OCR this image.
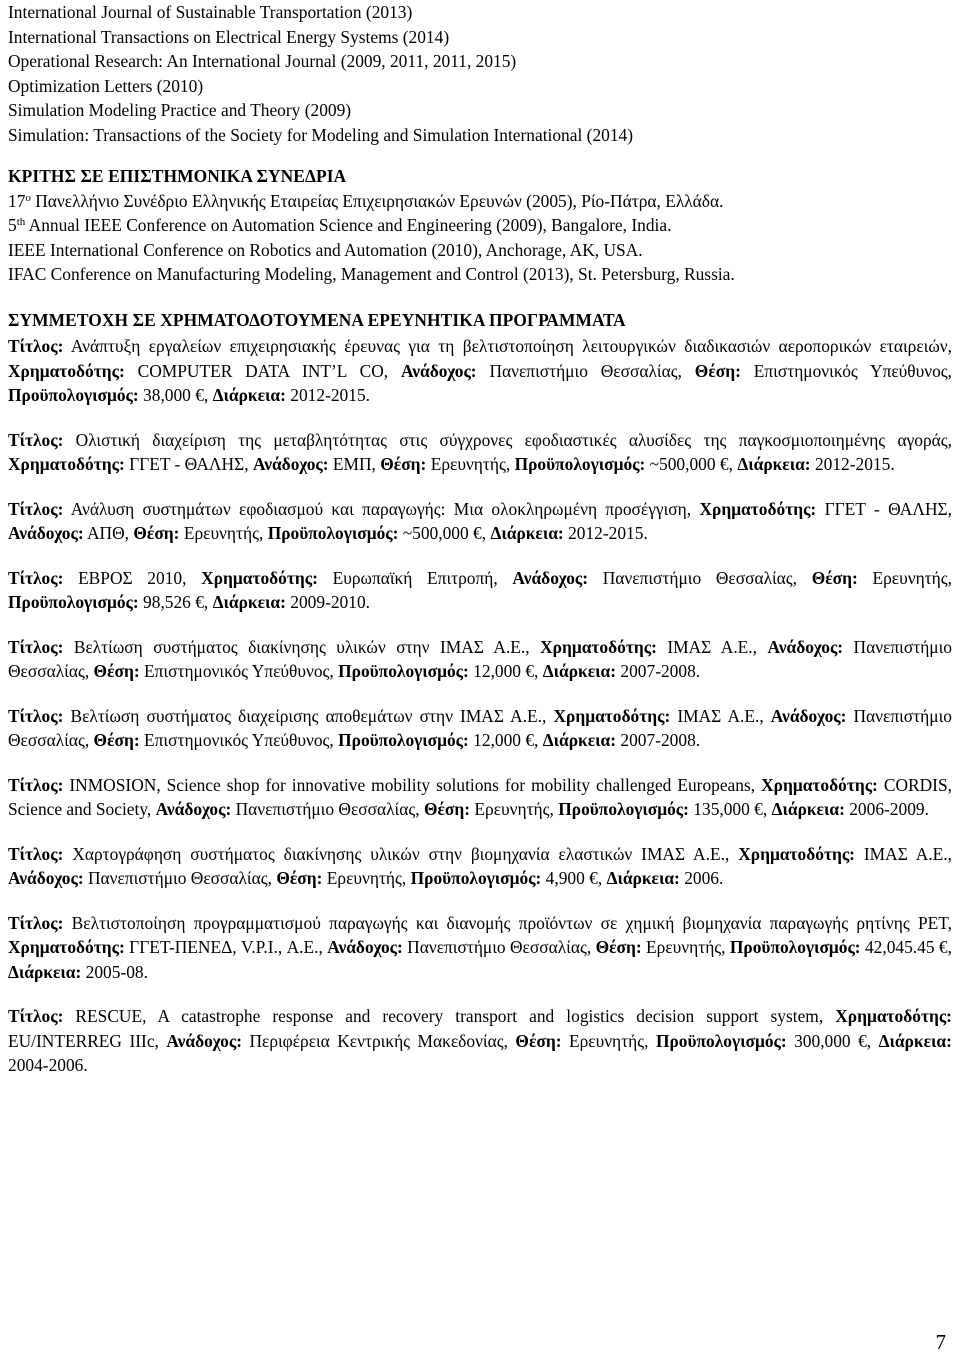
International Journal of Sustainable Transportation (2013)
International Transactions on Electrical Energy Systems (2014)
Operational Research: An International Journal (2009, 2011, 2011, 2015)
Optimization Letters (2010)
Simulation Modeling Practice and Theory (2009)
Simulation: Transactions of the Society for Modeling and Simulation International (2014)
ΚΡΙΤΗΣ ΣΕ ΕΠΙΣΤΗΜΟΝΙΚΑ ΣΥΝΕΔΡΙΑ
$17^o$ Πανελλήνιο Συνέδριο Ελληνικής Εταιρείας Επιχειρησιακών Ερευνών (2005), Ρίο-Πάτρα, Ελλάδα.
5th Annual IEEE Conference on Automation Science and Engineering (2009), Bangalore, India.
IEEE International Conference on Robotics and Automation (2010), Anchorage, AK, USA.
IFAC Conference on Manufacturing Modeling, Management and Control (2013), St. Petersburg, Russia.
ΣΥΜΜΕΤΟΧΗ ΣΕ ΧΡΗΜΑΤΟΔΟΤΟΥΜΕΝΑ ΕΡΕΥΝΗΤΙΚΑ ΠΡΟΓΡΑΜΜΑΤΑ
Τίτλος: Ανάπτυξη εργαλείων επιχειρησιακής έρευνας για τη βελτιστοποίηση λειτουργικών διαδικασιών αεροπορικών εταιρειών, Χρηματοδότης: COMPUTER DATA INT’L CO, Ανάδοχος: Πανεπιστήμιο Θεσσαλίας, Θέση: Επιστημονικός Υπεύθυνος, Προϋπολογισμός: 38,000 €, Διάρκεια: 2012-2015.
Τίτλος: Ολιστική διαχείριση της μεταβλητότητας στις σύγχρονες εφοδιαστικές αλυσίδες της παγκοσμιοποιημένης αγοράς, Χρηματοδότης: ΓΓΕΤ - ΘΑΛΗΣ, Ανάδοχος: ΕΜΠ, Θέση: Ερευνητής, Προϋπολογισμός: ~500,000 €, Διάρκεια: 2012-2015.
Τίτλος: Ανάλυση συστημάτων εφοδιασμού και παραγωγής: Μια ολοκληρωμένη προσέγγιση, Χρηματοδότης: ΓΓΕΤ - ΘΑΛΗΣ, Ανάδοχος: ΑΠΘ, Θέση: Ερευνητής, Προϋπολογισμός: ~500,000 €, Διάρκεια: 2012-2015.
Τίτλος: ΕΒΡΟΣ 2010, Χρηματοδότης: Ευρωπαϊκή Επιτροπή, Ανάδοχος: Πανεπιστήμιο Θεσσαλίας, Θέση: Ερευνητής, Προϋπολογισμός: 98,526 €, Διάρκεια: 2009-2010.
Τίτλος: Βελτίωση συστήματος διακίνησης υλικών στην ΙΜΑΣ Α.Ε., Χρηματοδότης: ΙΜΑΣ Α.Ε., Ανάδοχος: Πανεπιστήμιο Θεσσαλίας, Θέση: Επιστημονικός Υπεύθυνος, Προϋπολογισμός: 12,000 €, Διάρκεια: 2007-2008.
Τίτλος: Βελτίωση συστήματος διαχείρισης αποθεμάτων στην ΙΜΑΣ Α.Ε., Χρηματοδότης: ΙΜΑΣ Α.Ε., Ανάδοχος: Πανεπιστήμιο Θεσσαλίας, Θέση: Επιστημονικός Υπεύθυνος, Προϋπολογισμός: 12,000 €, Διάρκεια: 2007-2008.
Τίτλος: INMOSION, Science shop for innovative mobility solutions for mobility challenged Europeans, Χρηματοδότης: CORDIS, Science and Society, Ανάδοχος: Πανεπιστήμιο Θεσσαλίας, Θέση: Ερευνητής, Προϋπολογισμός: 135,000 €, Διάρκεια: 2006-2009.
Τίτλος: Χαρτογράφηση συστήματος διακίνησης υλικών στην βιομηχανία ελαστικών ΙΜΑΣ Α.Ε., Χρηματοδότης: ΙΜΑΣ Α.Ε., Ανάδοχος: Πανεπιστήμιο Θεσσαλίας, Θέση: Ερευνητής, Προϋπολογισμός: 4,900 €, Διάρκεια: 2006.
Τίτλος: Βελτιστοποίηση προγραμματισμού παραγωγής και διανομής προϊόντων σε χημική βιομηχανία παραγωγής ρητίνης PET, Χρηματοδότης: ΓΓΕΤ-ΠΕΝΕΔ, V.P.I., Α.Ε., Ανάδοχος: Πανεπιστήμιο Θεσσαλίας, Θέση: Ερευνητής, Προϋπολογισμός: 42,045.45 €, Διάρκεια: 2005-08.
Τίτλος: RESCUE, A catastrophe response and recovery transport and logistics decision support system, Χρηματοδότης: EU/INTERREG IIIc, Ανάδοχος: Περιφέρεια Κεντρικής Μακεδονίας, Θέση: Ερευνητής, Προϋπολογισμός: 300,000 €, Διάρκεια: 2004-2006.
7
